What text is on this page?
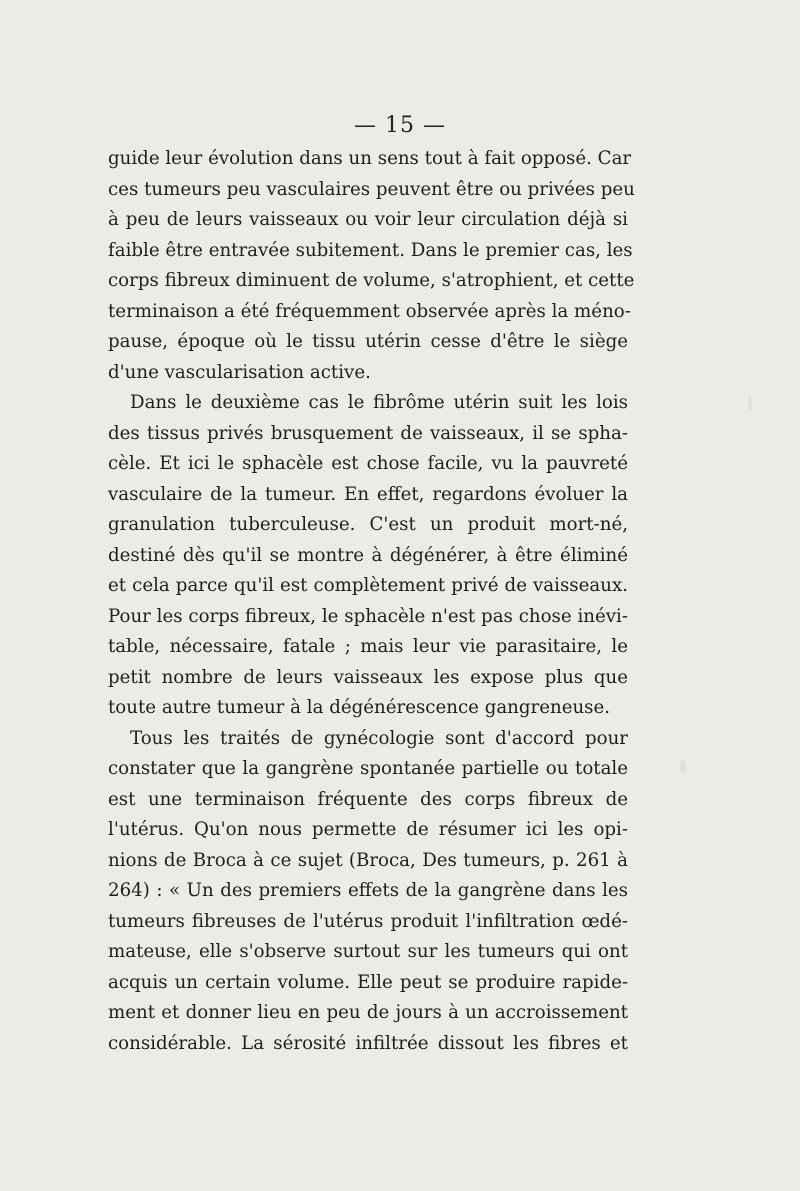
— 15 —
guide leur évolution dans un sens tout à fait opposé. Car
ces tumeurs peu vasculaires peuvent être ou privées peu
à peu de leurs vaisseaux ou voir leur circulation déjà si
faible être entravée subitement. Dans le premier cas, les
corps fibreux diminuent de volume, s'atrophient, et cette
terminaison a été fréquemment observée après la méno-
pause, époque où le tissu utérin cesse d'être le siège
d'une vascularisation active.
Dans le deuxième cas le fibrôme utérin suit les lois
des tissus privés brusquement de vaisseaux, il se spha-
cèle. Et ici le sphacèle est chose facile, vu la pauvreté
vasculaire de la tumeur. En effet, regardons évoluer la
granulation tuberculeuse. C'est un produit mort-né,
destiné dès qu'il se montre à dégénérer, à être éliminé
et cela parce qu'il est complètement privé de vaisseaux.
Pour les corps fibreux, le sphacèle n'est pas chose inévi-
table, nécessaire, fatale ; mais leur vie parasitaire, le
petit nombre de leurs vaisseaux les expose plus que
toute autre tumeur à la dégénérescence gangreneuse.
Tous les traités de gynécologie sont d'accord pour
constater que la gangrène spontanée partielle ou totale
est une terminaison fréquente des corps fibreux de
l'utérus. Qu'on nous permette de résumer ici les opi-
nions de Broca à ce sujet (Broca, Des tumeurs, p. 261 à
264) : « Un des premiers effets de la gangrène dans les
tumeurs fibreuses de l'utérus produit l'infiltration œdé-
mateuse, elle s'observe surtout sur les tumeurs qui ont
acquis un certain volume. Elle peut se produire rapide-
ment et donner lieu en peu de jours à un accroissement
considérable. La sérosité infiltrée dissout les fibres et
